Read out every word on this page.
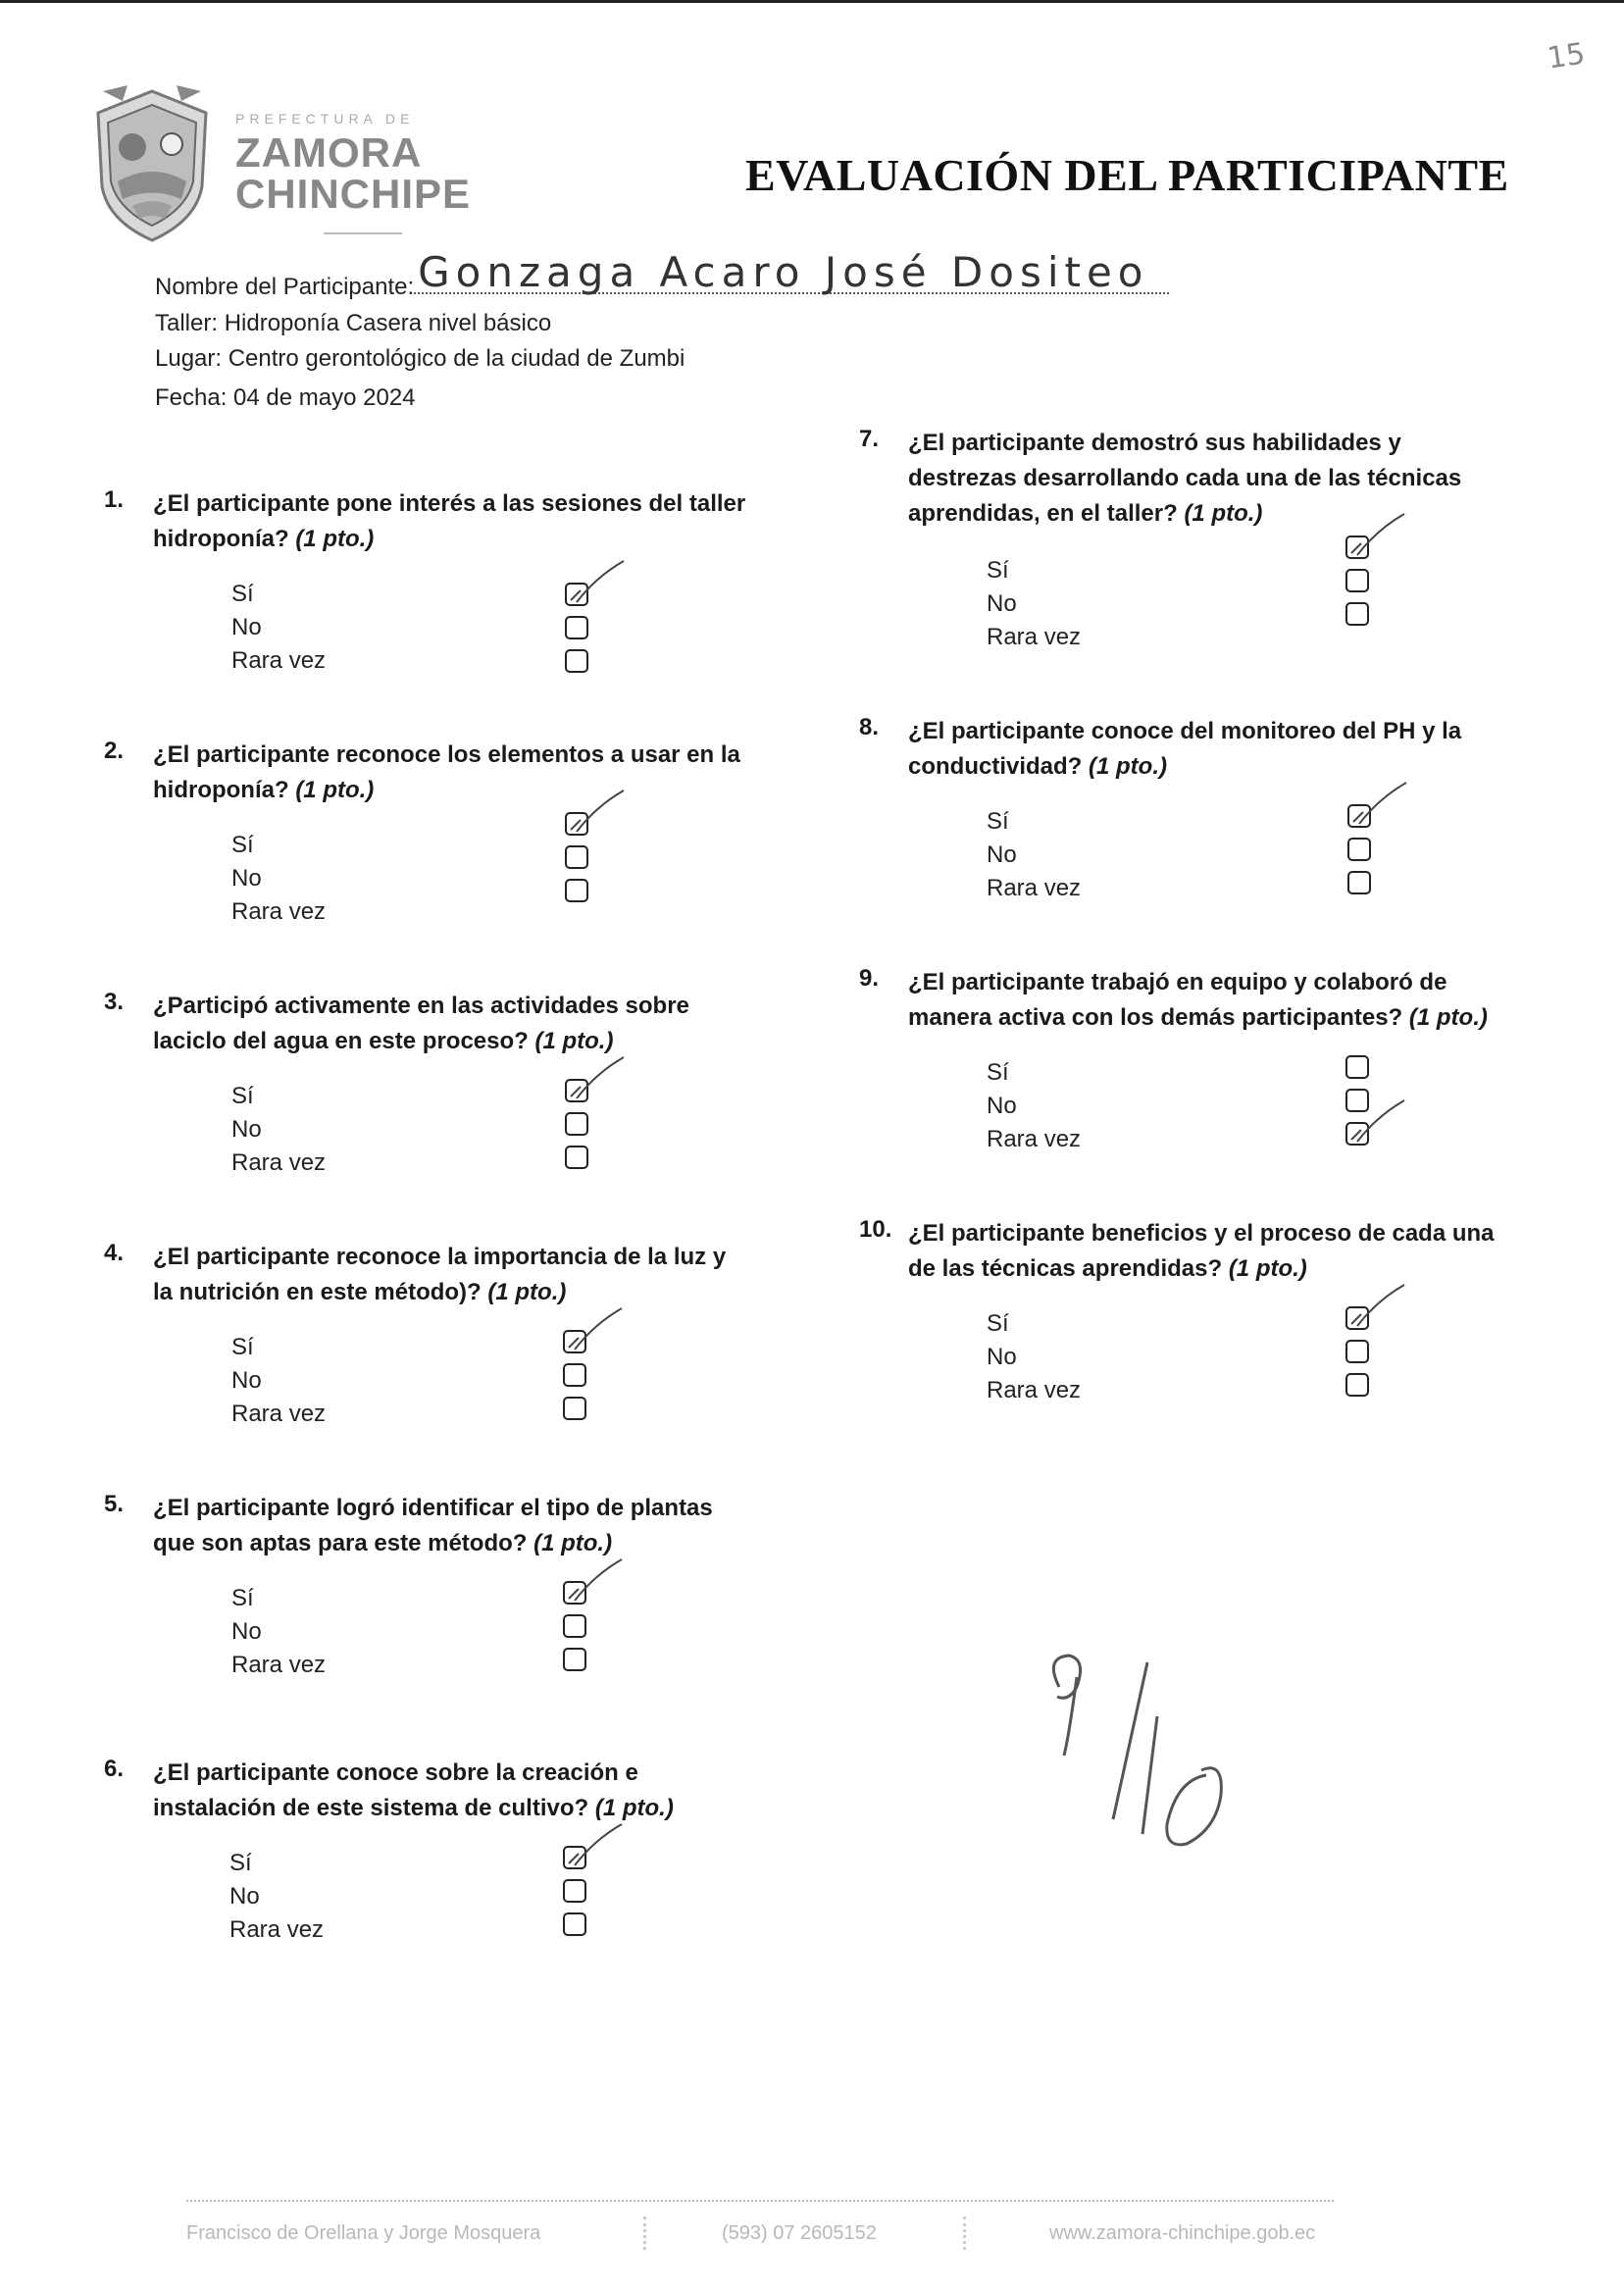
15
PREFECTURA DE
ZAMORA
CHINCHIPE	EVALUACIÓN DEL PARTICIPANTE
Nombre del Participante: Gonzaga Acaro José Dositeo
Taller: Hidroponía Casera nivel básico
Lugar: Centro gerontológico de la ciudad de Zumbi
Fecha: 04 de mayo 2024
1. ¿El participante pone interés a las sesiones del taller hidroponía? (1 pto.)
Sí
No
Rara vez
2. ¿El participante reconoce los elementos a usar en la hidroponía? (1 pto.)
Sí
No
Rara vez
3. ¿Participó activamente en las actividades sobre laciclo del agua en este proceso? (1 pto.)
Sí
No
Rara vez
4. ¿El participante reconoce la importancia de la luz y la nutrición en este método)? (1 pto.)
Sí
No
Rara vez
5. ¿El participante logró identificar el tipo de plantas que son aptas para este método? (1 pto.)
Sí
No
Rara vez
6. ¿El participante conoce sobre la creación e instalación de este sistema de cultivo? (1 pto.)
Sí
No
Rara vez
7. ¿El participante demostró sus habilidades y destrezas desarrollando cada una de las técnicas aprendidas, en el taller? (1 pto.)
Sí
No
Rara vez
8. ¿El participante conoce del monitoreo del PH y la conductividad? (1 pto.)
Sí
No
Rara vez
9. ¿El participante trabajó en equipo y colaboró de manera activa con los demás participantes? (1 pto.)
Sí
No
Rara vez
10. ¿El participante beneficios y el proceso de cada una de las técnicas aprendidas? (1 pto.)
Sí
No
Rara vez
Francisco de Orellana y Jorge Mosquera	(593) 07 2605152	www.zamora-chinchipe.gob.ec
